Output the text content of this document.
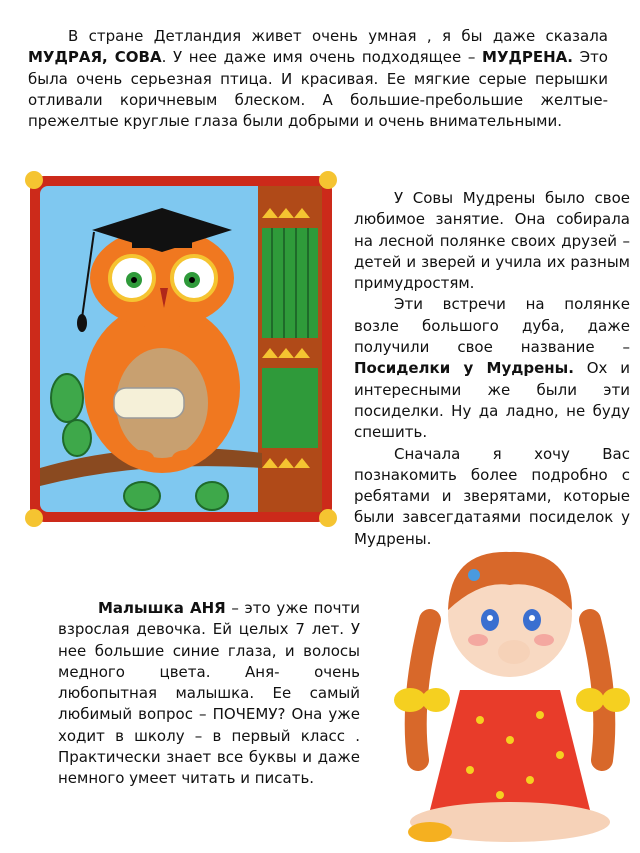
В стране Детландия живет очень умная , я бы даже сказала МУДРАЯ, СОВА. У нее даже имя очень подходящее – МУДРЕНА. Это была очень серьезная птица. И красивая. Ее мягкие серые перышки отливали коричневым блеском. А большие-пребольшие желтые-прежелтые круглые глаза были добрыми и очень внимательными.

У Совы Мудрены было свое любимое занятие. Она собирала на лесной полянке своих друзей – детей и зверей и учила их разным примудростям.
Эти встречи на полянке возле большого дуба, даже получили свое название – Посиделки у Мудрены. Ох и интересными же были эти посиделки. Ну да ладно, не буду спешить.
Сначала я хочу Вас познакомить более подробно с ребятами и зверятами, которые были завсегдатаями посиделок у Мудрены.

Малышка АНЯ – это уже почти взрослая девочка. Ей целых 7 лет. У нее большие синие глаза, и волосы медного цвета. Аня- очень любопытная малышка. Ее самый любимый вопрос – ПОЧЕМУ? Она уже ходит в школу – в первый класс . Практически знает все буквы и даже немного умеет читать и писать.
